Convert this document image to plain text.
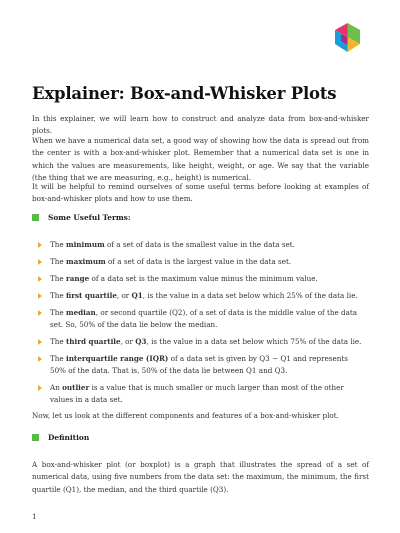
Explainer: Box-and-Whisker Plots

In this explainer, we will learn how to construct and analyze data from box-and-whisker plots.

When we have a numerical data set, a good way of showing how the data is spread out from the center is with a box-and-whisker plot. Remember that a numerical data set is one in which the values are measurements, like height, weight, or age. We say that the variable (the thing that we are measuring, e.g., height) is numerical.

It will be helpful to remind ourselves of some useful terms before looking at examples of box-and-whisker plots and how to use them.

Some Useful Terms:
The minimum of a set of data is the smallest value in the data set.
The maximum of a set of data is the largest value in the data set.
The range of a data set is the maximum value minus the minimum value.
The first quartile, or Q1, is the value in a data set below which 25% of the data lie.
The median, or second quartile (Q2), of a set of data is the middle value of the data set. So, 50% of the data lie below the median.
The third quartile, or Q3, is the value in a data set below which 75% of the data lie.
The interquartile range (IQR) of a data set is given by Q3 − Q1 and represents 50% of the data. That is, 50% of the data lie between Q1 and Q3.
An outlier is a value that is much smaller or much larger than most of the other values in a data set.

Now, let us look at the different components and features of a box-and-whisker plot.

Definition

A box-and-whisker plot (or boxplot) is a graph that illustrates the spread of a set of numerical data, using five numbers from the data set: the maximum, the minimum, the first quartile (Q1), the median, and the third quartile (Q3).

1
